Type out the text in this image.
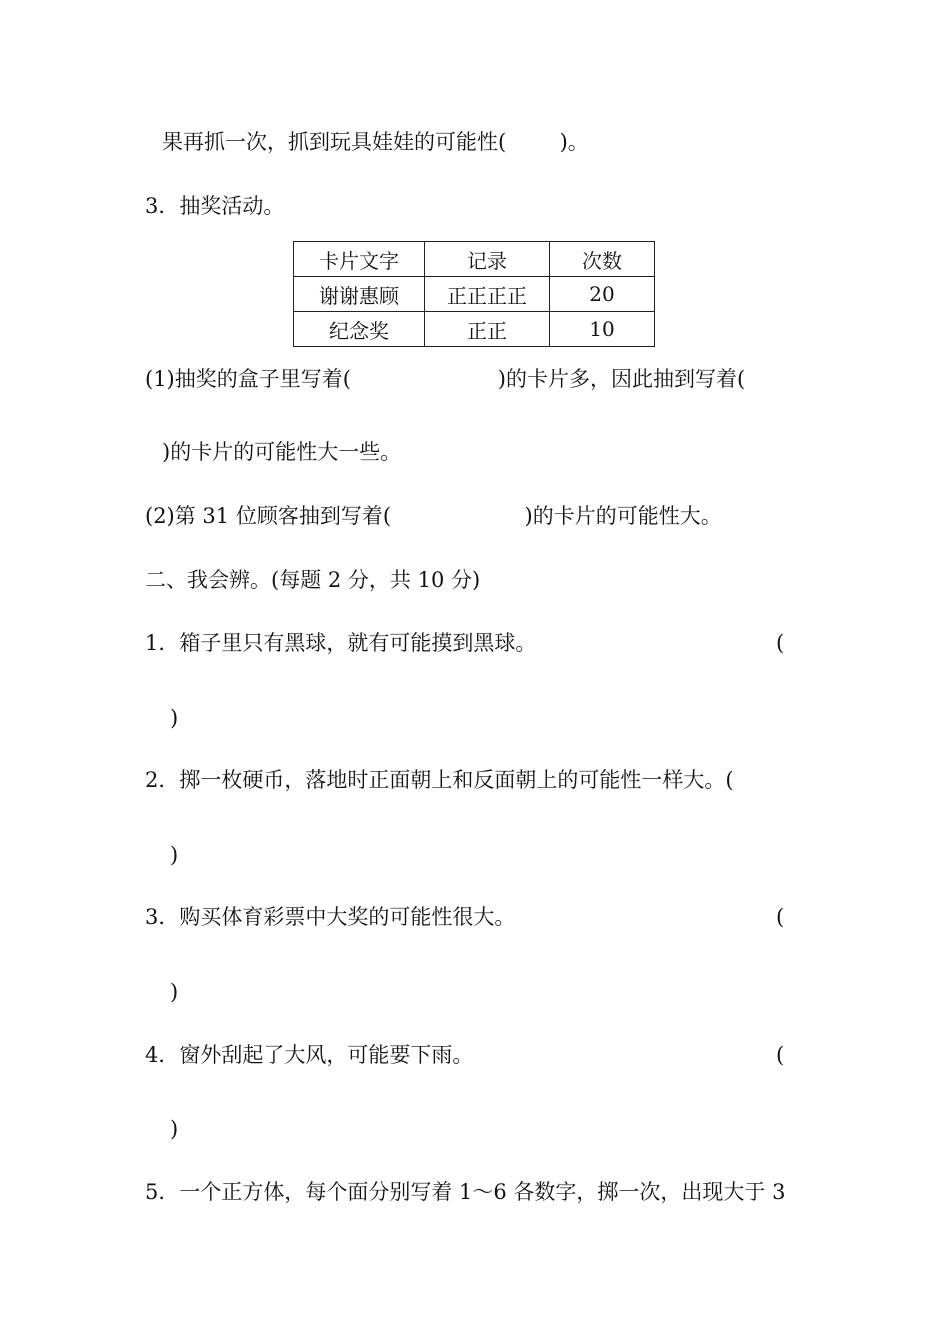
果再抓一次，抓到玩具娃娃的可能性(        )。
3．抽奖活动。
卡片文字	记录	次数
谢谢惠顾	正正正正	20
纪念奖	正正	10
(1)抽奖的盒子里写着(                      )的卡片多，因此抽到写着(
)的卡片的可能性大一些。
(2)第 31 位顾客抽到写着(                    )的卡片的可能性大。
二、我会辨。(每题 2 分，共 10 分)
1．箱子里只有黑球，就有可能摸到黑球。	(
)
2．掷一枚硬币，落地时正面朝上和反面朝上的可能性一样大。(
)
3．购买体育彩票中大奖的可能性很大。	(
)
4．窗外刮起了大风，可能要下雨。	(
)
5．一个正方体，每个面分别写着 1～6 各数字，掷一次，出现大于 3
